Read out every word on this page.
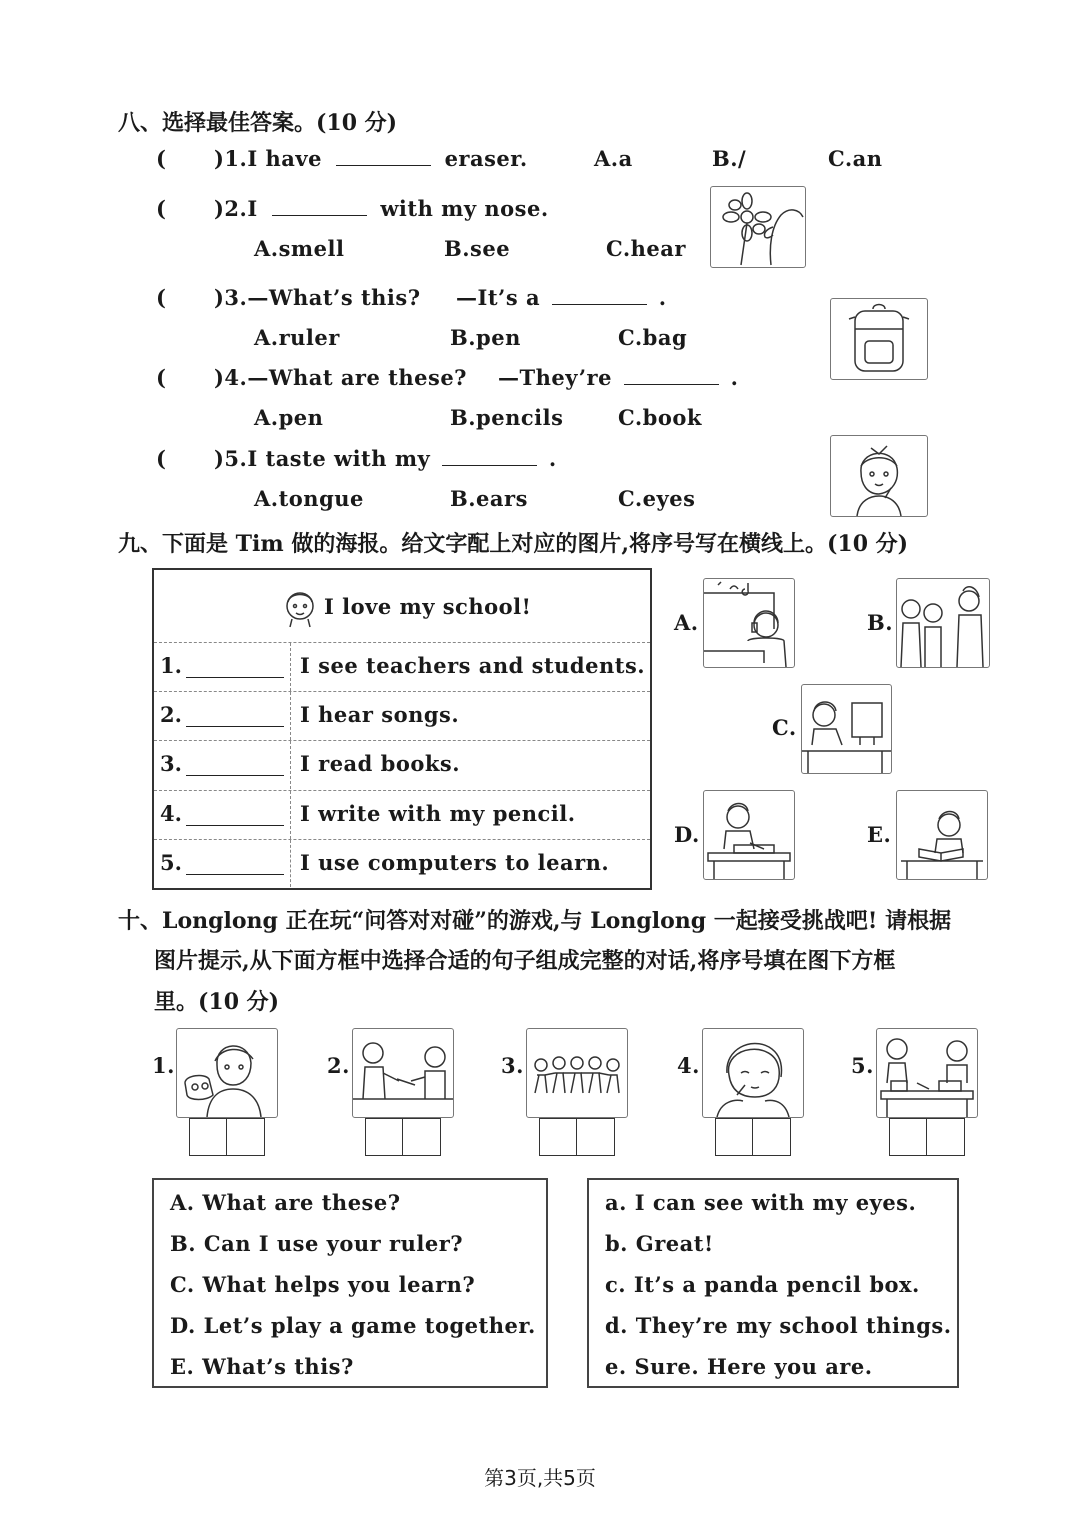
八、选择最佳答案。(10 分)
( )1.I have	eraser.	A.a	B./	C.an
( )2.I	with my nose.
A.smell	B.see	C.hear
( )3.—What’s this? —It’s a	.
A.ruler	B.pen	C.bag
( )4.—What are these? —They’re	.
A.pen	B.pencils	C.book
( )5.I taste with my	.
A.tongue	B.ears	C.eyes
九、下面是 Tim 做的海报。给文字配上对应的图片,将序号写在横线上。(10 分)
I love my school!
1.	I see teachers and students.
2.	I hear songs.
3.	I read books.
4.	I write with my pencil.
5.	I use computers to learn.
A.	B.
C.
D.	E.
十、Longlong 正在玩“问答对对碰”的游戏,与 Longlong 一起接受挑战吧! 请根据
图片提示,从下面方框中选择合适的句子组成完整的对话,将序号填在图下方框
里。(10 分)
1.	2.	3.	4.	5.
A. What are these?
B. Can I use your ruler?
C. What helps you learn?
D. Let’s play a game together.
E. What’s this?
a. I can see with my eyes.
b. Great!
c. It’s a panda pencil box.
d. They’re my school things.
e. Sure. Here you are.
第3页,共5页
